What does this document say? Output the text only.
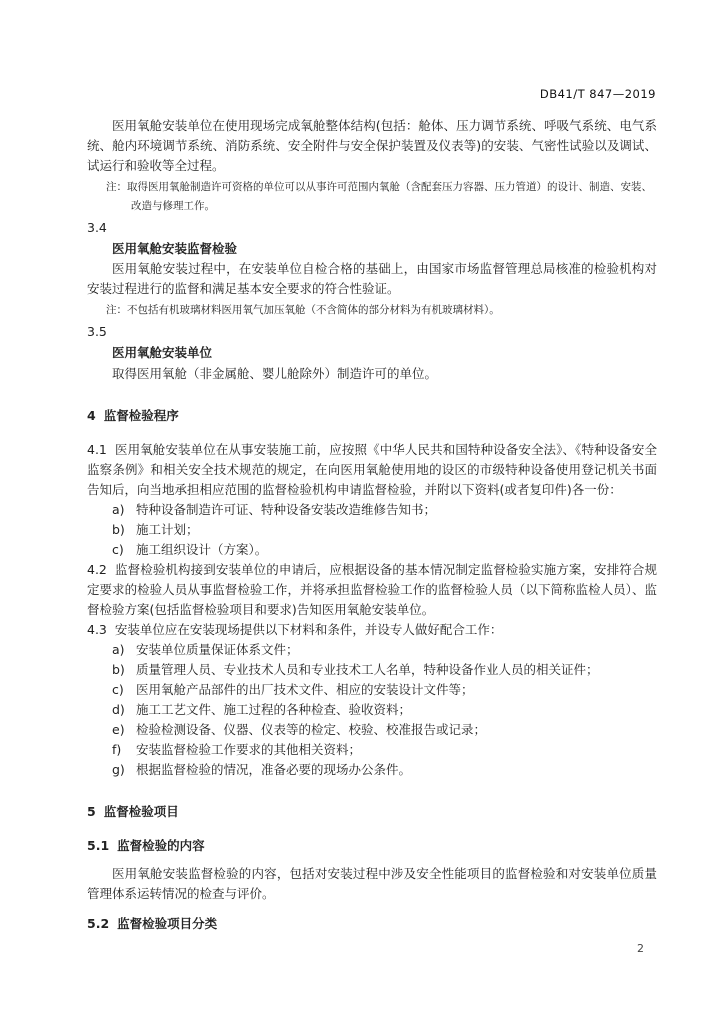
DB41/T 847—2019

医用氧舱安装单位在使用现场完成氧舱整体结构(包括：舱体、压力调节系统、呼吸气系统、电气系统、舱内环境调节系统、消防系统、安全附件与安全保护装置及仪表等)的安装、气密性试验以及调试、试运行和验收等全过程。

注：取得医用氧舱制造许可资格的单位可以从事许可范围内氧舱（含配套压力容器、压力管道）的设计、制造、安装、改造与修理工作。

3.4

医用氧舱安装监督检验

医用氧舱安装过程中，在安装单位自检合格的基础上，由国家市场监督管理总局核准的检验机构对安装过程进行的监督和满足基本安全要求的符合性验证。

注：不包括有机玻璃材料医用氧气加压氧舱（不含简体的部分材料为有机玻璃材料）。

3.5

医用氧舱安装单位

取得医用氧舱（非金属舱、婴儿舱除外）制造许可的单位。

4 监督检验程序

4.1 医用氧舱安装单位在从事安装施工前，应按照《中华人民共和国特种设备安全法》、《特种设备安全监察条例》和相关安全技术规范的规定，在向医用氧舱使用地的设区的市级特种设备使用登记机关书面告知后，向当地承担相应范围的监督检验机构申请监督检验，并附以下资料(或者复印件)各一份：

a) 特种设备制造许可证、特种设备安装改造维修告知书；
b) 施工计划；
c) 施工组织设计（方案）。

4.2 监督检验机构接到安装单位的申请后，应根据设备的基本情况制定监督检验实施方案，安排符合规定要求的检验人员从事监督检验工作，并将承担监督检验工作的监督检验人员（以下简称监检人员）、监督检验方案(包括监督检验项目和要求)告知医用氧舱安装单位。

4.3 安装单位应在安装现场提供以下材料和条件，并设专人做好配合工作：

a) 安装单位质量保证体系文件；
b) 质量管理人员、专业技术人员和专业技术工人名单，特种设备作业人员的相关证件；
c) 医用氧舱产品部件的出厂技术文件、相应的安装设计文件等；
d) 施工工艺文件、施工过程的各种检查、验收资料；
e) 检验检测设备、仪器、仪表等的检定、校验、校准报告或记录；
f)	安装监督检验工作要求的其他相关资料；
g) 根据监督检验的情况，准备必要的现场办公条件。

5 监督检验项目

5.1 监督检验的内容

医用氧舱安装监督检验的内容，包括对安装过程中涉及安全性能项目的监督检验和对安装单位质量管理体系运转情况的检查与评价。

5.2 监督检验项目分类

2
